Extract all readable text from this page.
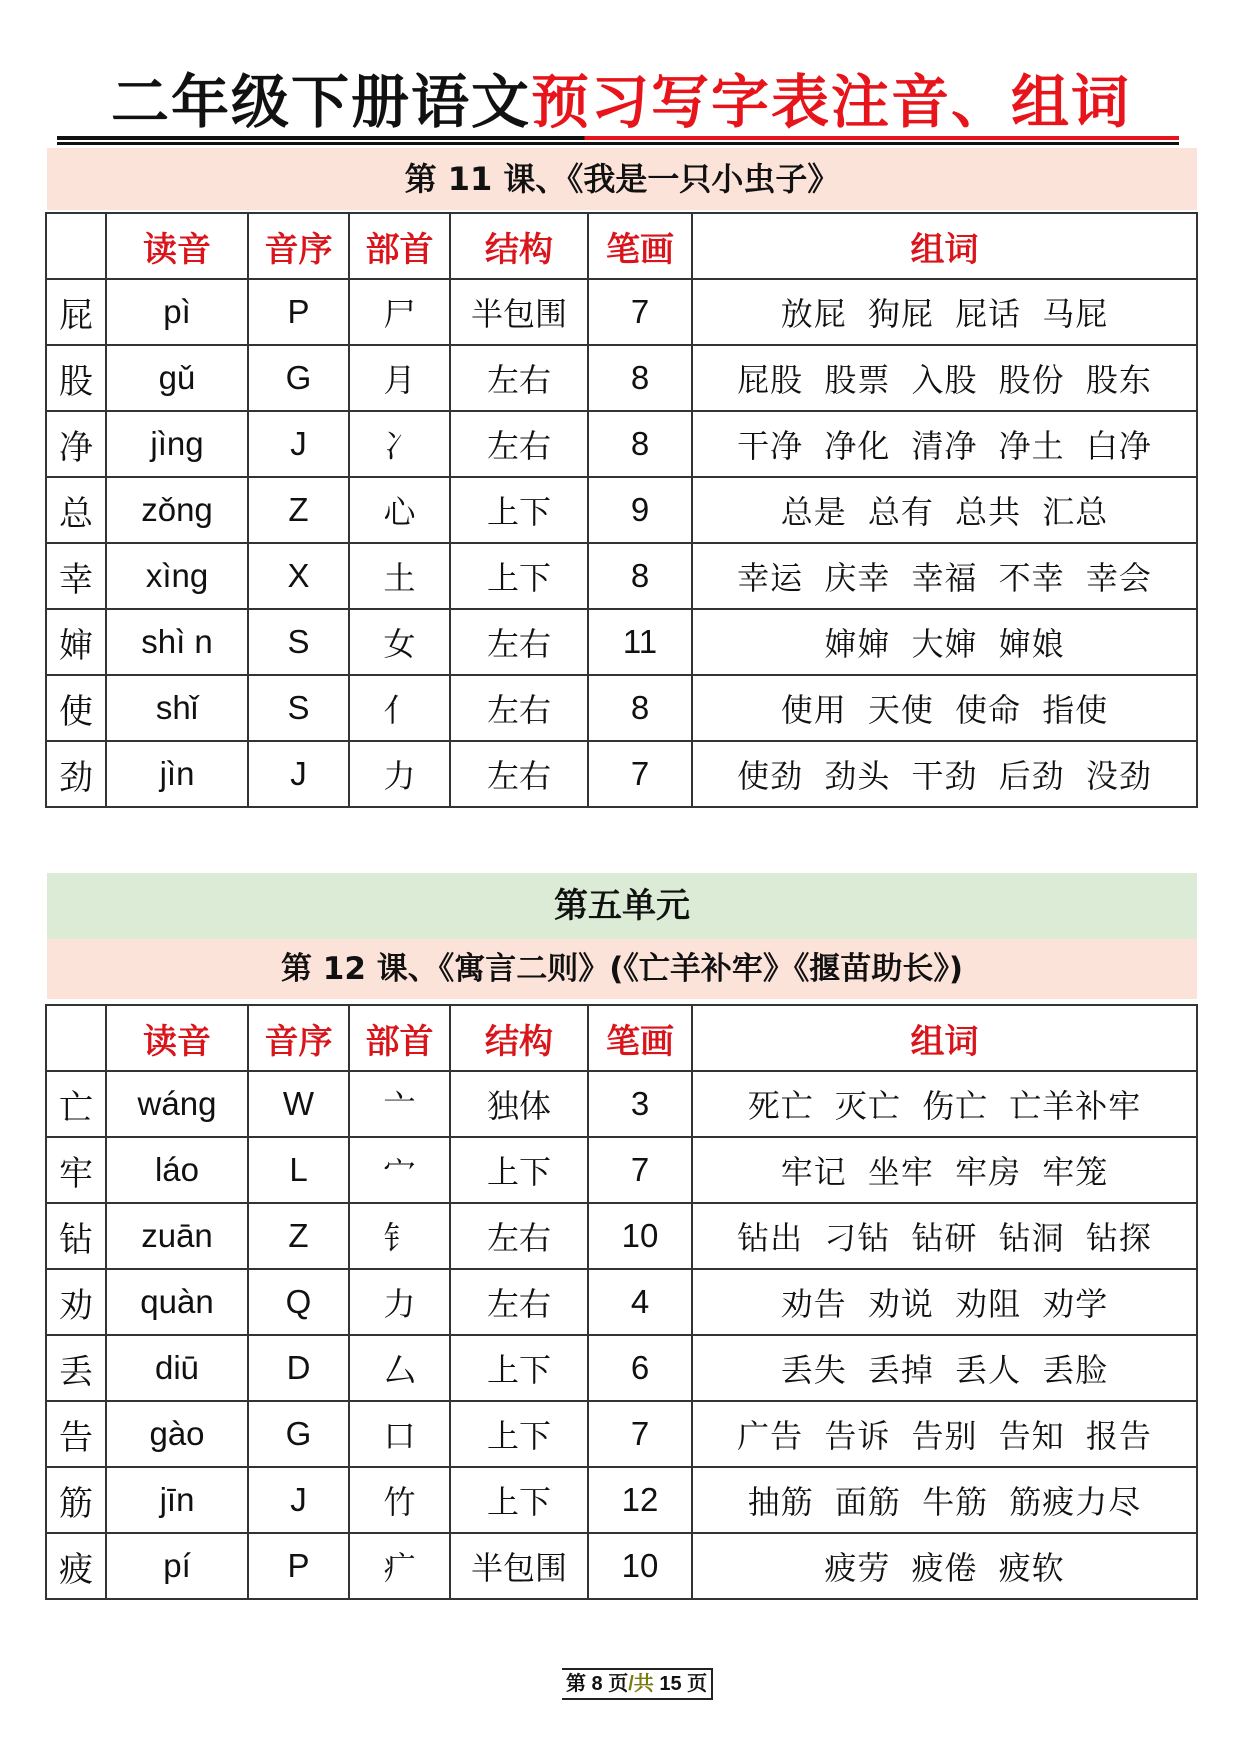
二年级下册语文预习写字表注音、组词
第 11 课、《我是一只小虫子》
	读音	音序	部首	结构	笔画	组词
屁	pì	P	尸	半包围	7	放屁 狗屁 屁话 马屁
股	gǔ	G	月	左右	8	屁股 股票 入股 股份 股东
净	jìng	J	冫	左右	8	干净 净化 清净 净土 白净
总	zǒng	Z	心	上下	9	总是 总有 总共 汇总
幸	xìng	X	土	上下	8	幸运 庆幸 幸福 不幸 幸会
婶	shì n	S	女	左右	11	婶婶 大婶 婶娘
使	shǐ	S	亻	左右	8	使用 天使 使命 指使
劲	jìn	J	力	左右	7	使劲 劲头 干劲 后劲 没劲
第五单元
第 12 课、《寓言二则》(《亡羊补牢》《揠苗助长》)
	读音	音序	部首	结构	笔画	组词
亡	wáng	W	亠	独体	3	死亡 灭亡 伤亡 亡羊补牢
牢	láo	L	宀	上下	7	牢记 坐牢 牢房 牢笼
钻	zuān	Z	钅	左右	10	钻出 刁钻 钻研 钻洞 钻探
劝	quàn	Q	力	左右	4	劝告 劝说 劝阻 劝学
丢	diū	D	厶	上下	6	丢失 丢掉 丢人 丢脸
告	gào	G	口	上下	7	广告 告诉 告别 告知 报告
筋	jīn	J	竹	上下	12	抽筋 面筋 牛筋 筋疲力尽
疲	pí	P	疒	半包围	10	疲劳 疲倦 疲软
第 8 页/共 15 页
